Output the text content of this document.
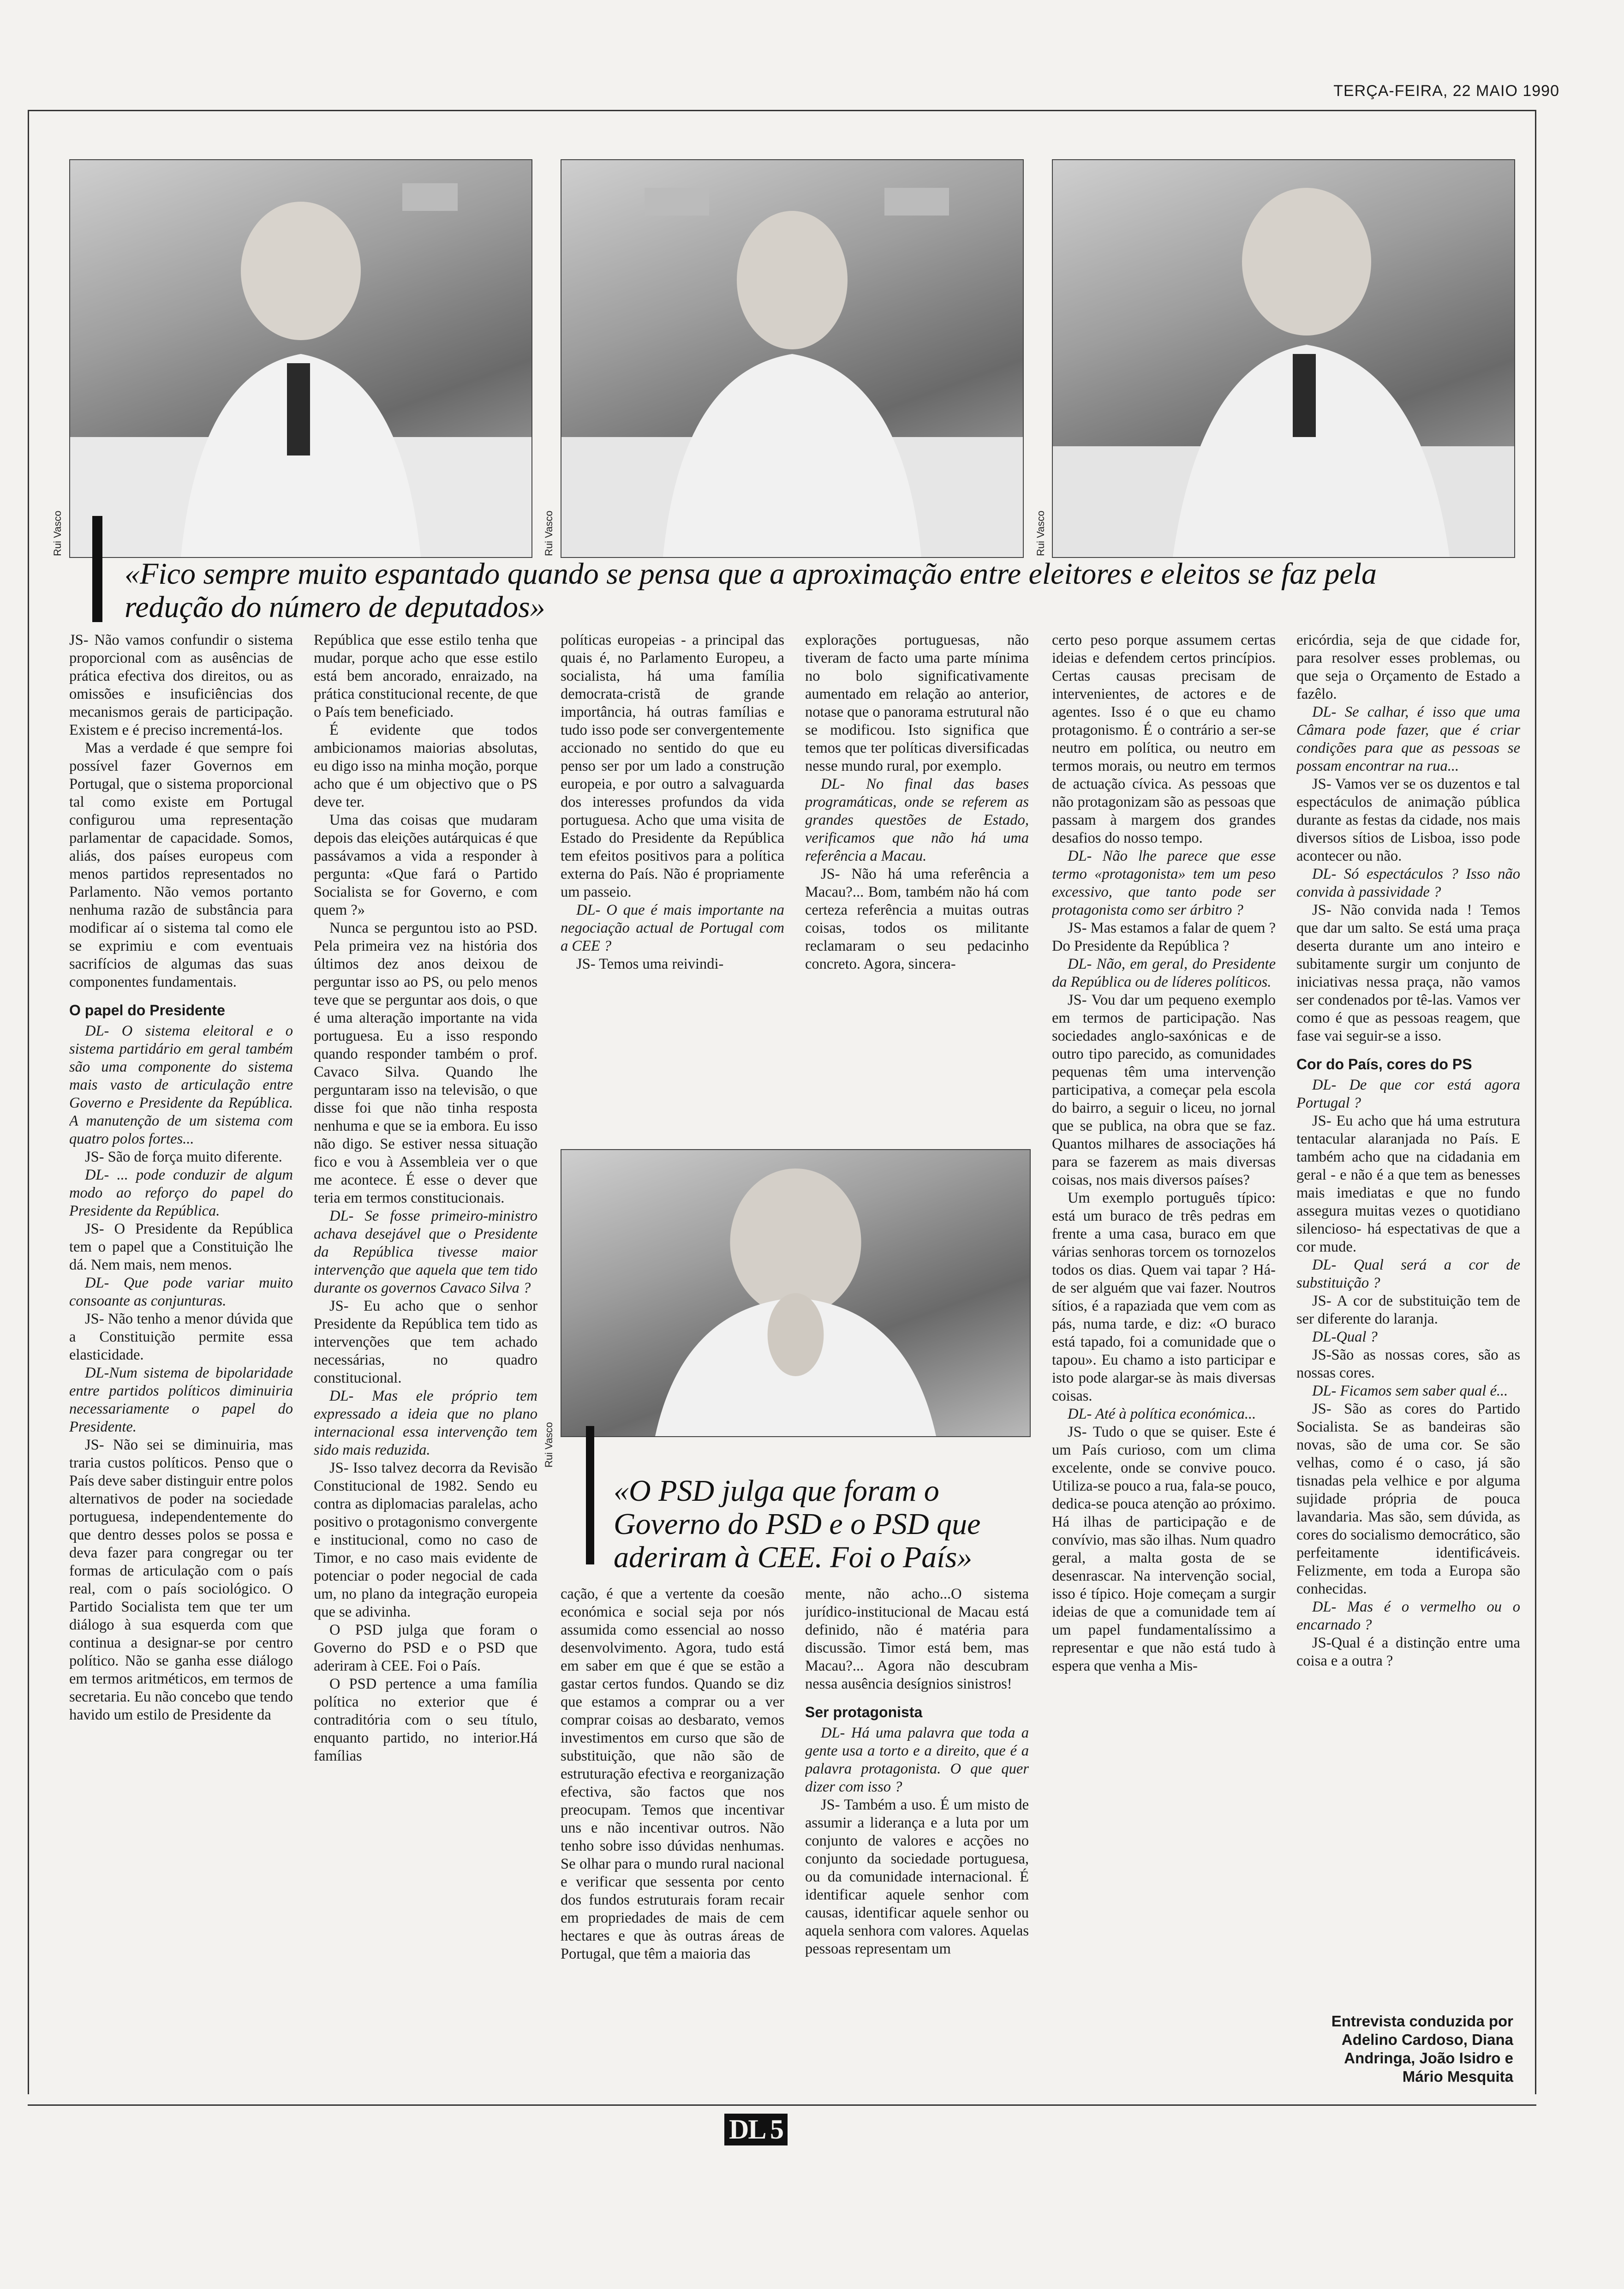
TERÇA-FEIRA, 22 MAIO 1990
Rui Vasco	Rui Vasco	Rui Vasco
«Fico sempre muito espantado quando se pensa que a aproximação entre eleitores e eleitos se faz pela redução do número de deputados»

JS- Não vamos confundir o sistema proporcional com as ausências de prática efectiva dos direitos, ou as omissões e insuficiências dos mecanismos gerais de participação. Existem e é preciso incrementá-los.

Mas a verdade é que sempre foi possível fazer Governos em Portugal, que o sistema proporcional tal como existe em Portugal configurou uma representação parlamentar de capacidade. Somos, aliás, dos países europeus com menos partidos representados no Parlamento. Não vemos portanto nenhuma razão de substância para modificar aí o sistema tal como ele se exprimiu e com eventuais sacrifícios de algumas das suas componentes fundamentais.

O papel do Presidente

DL- O sistema eleitoral e o sistema partidário em geral também são uma componente do sistema mais vasto de articulação entre Governo e Presidente da República. A manutenção de um sistema com quatro polos fortes...

JS- São de força muito diferente.

DL- ... pode conduzir de algum modo ao reforço do papel do Presidente da República.

JS- O Presidente da República tem o papel que a Constituição lhe dá. Nem mais, nem menos.

DL- Que pode variar muito consoante as conjunturas.

JS- Não tenho a menor dúvida que a Constituição permite essa elasticidade.

DL-Num sistema de bipolaridade entre partidos políticos diminuiria necessariamente o papel do Presidente.

JS- Não sei se diminuiria, mas traria custos políticos. Penso que o País deve saber distinguir entre polos alternativos de poder na sociedade portuguesa, independentemente do que dentro desses polos se possa e deva fazer para congregar ou ter formas de articulação com o país real, com o país sociológico. O Partido Socialista tem que ter um diálogo à sua esquerda com que continua a designar-se por centro político. Não se ganha esse diálogo em termos aritméticos, em termos de secretaria. Eu não concebo que tendo havido um estilo de Presidente da

República que esse estilo tenha que mudar, porque acho que esse estilo está bem ancorado, enraizado, na prática constitucional recente, de que o País tem beneficiado.

É evidente que todos ambicionamos maiorias absolutas, eu digo isso na minha moção, porque acho que é um objectivo que o PS deve ter.

Uma das coisas que mudaram depois das eleições autárquicas é que passávamos a vida a responder à pergunta: «Que fará o Partido Socialista se for Governo, e com quem ?»

Nunca se perguntou isto ao PSD. Pela primeira vez na história dos últimos dez anos deixou de perguntar isso ao PS, ou pelo menos teve que se perguntar aos dois, o que é uma alteração importante na vida portuguesa. Eu a isso respondo quando responder também o prof. Cavaco Silva. Quando lhe perguntaram isso na televisão, o que disse foi que não tinha resposta nenhuma e que se ia embora. Eu isso não digo. Se estiver nessa situação fico e vou à Assembleia ver o que me acontece. É esse o dever que teria em termos constitucionais.

DL- Se fosse primeiro-ministro achava desejável que o Presidente da República tivesse maior intervenção que aquela que tem tido durante os governos Cavaco Silva ?

JS- Eu acho que o senhor Presidente da República tem tido as intervenções que tem achado necessárias, no quadro constitucional.

DL- Mas ele próprio tem expressado a ideia que no plano internacional essa intervenção tem sido mais reduzida.

JS- Isso talvez decorra da Revisão Constitucional de 1982. Sendo eu contra as diplomacias paralelas, acho positivo o protagonismo convergente e institucional, como no caso de Timor, e no caso mais evidente de potenciar o poder negocial de cada um, no plano da integração europeia que se adivinha.

O PSD julga que foram o Governo do PSD e o PSD que aderiram à CEE. Foi o País.

O PSD pertence a uma família política no exterior que é contraditória com o seu título, enquanto partido, no interior.Há famílias

políticas europeias - a principal das quais é, no Parlamento Europeu, a socialista, há uma família democrata-cristã de grande importância, há outras famílias e tudo isso pode ser convergentemente accionado no sentido do que eu penso ser por um lado a construção europeia, e por outro a salvaguarda dos interesses profundos da vida portuguesa. Acho que uma visita de Estado do Presidente da República tem efeitos positivos para a política externa do País. Não é propriamente um passeio.

DL- O que é mais importante na negociação actual de Portugal com a CEE ?

JS- Temos uma reivindi-

explorações portuguesas, não tiveram de facto uma parte mínima no bolo significativamente aumentado em relação ao anterior, notase que o panorama estrutural não se modificou. Isto significa que temos que ter políticas diversificadas nesse mundo rural, por exemplo.

DL- No final das bases programáticas, onde se referem as grandes questões de Estado, verificamos que não há uma referência a Macau.

JS- Não há uma referência a Macau?... Bom, também não há com certeza referência a muitas outras coisas, todos os militante reclamaram o seu pedacinho concreto. Agora, sincera-

Rui Vasco
«O PSD julga que foram o Governo do PSD e o PSD que aderiram à CEE. Foi o País»

cação, é que a vertente da coesão económica e social seja por nós assumida como essencial ao nosso desenvolvimento. Agora, tudo está em saber em que é que se estão a gastar certos fundos. Quando se diz que estamos a comprar ou a ver comprar coisas ao desbarato, vemos investimentos em curso que são de substituição, que não são de estruturação efectiva e reorganização efectiva, são factos que nos preocupam. Temos que incentivar uns e não incentivar outros. Não tenho sobre isso dúvidas nenhumas. Se olhar para o mundo rural nacional e verificar que sessenta por cento dos fundos estruturais foram recair em propriedades de mais de cem hectares e que às outras áreas de Portugal, que têm a maioria das

mente, não acho...O sistema jurídico-institucional de Macau está definido, não é matéria para discussão. Timor está bem, mas Macau?... Agora não descubram nessa ausência desígnios sinistros!

Ser protagonista

DL- Há uma palavra que toda a gente usa a torto e a direito, que é a palavra protagonista. O que quer dizer com isso ?

JS- Também a uso. É um misto de assumir a liderança e a luta por um conjunto de valores e acções no conjunto da sociedade portuguesa, ou da comunidade internacional. É identificar aquele senhor com causas, identificar aquele senhor ou aquela senhora com valores. Aquelas pessoas representam um

certo peso porque assumem certas ideias e defendem certos princípios. Certas causas precisam de intervenientes, de actores e de agentes. Isso é o que eu chamo protagonismo. É o contrário a ser-se neutro em política, ou neutro em termos morais, ou neutro em termos de actuação cívica. As pessoas que não protagonizam são as pessoas que passam à margem dos grandes desafios do nosso tempo.

DL- Não lhe parece que esse termo «protagonista» tem um peso excessivo, que tanto pode ser protagonista como ser árbitro ?

JS- Mas estamos a falar de quem ? Do Presidente da República ?

DL- Não, em geral, do Presidente da República ou de líderes políticos.

JS- Vou dar um pequeno exemplo em termos de participação. Nas sociedades anglo-saxónicas e de outro tipo parecido, as comunidades pequenas têm uma intervenção participativa, a começar pela escola do bairro, a seguir o liceu, no jornal que se publica, na obra que se faz. Quantos milhares de associações há para se fazerem as mais diversas coisas, nos mais diversos países?

Um exemplo português típico: está um buraco de três pedras em frente a uma casa, buraco em que várias senhoras torcem os tornozelos todos os dias. Quem vai tapar ? Há-de ser alguém que vai fazer. Noutros sítios, é a rapaziada que vem com as pás, numa tarde, e diz: «O buraco está tapado, foi a comunidade que o tapou». Eu chamo a isto participar e isto pode alargar-se às mais diversas coisas.

DL- Até à política económica...

JS- Tudo o que se quiser. Este é um País curioso, com um clima excelente, onde se convive pouco. Utiliza-se pouco a rua, fala-se pouco, dedica-se pouca atenção ao próximo. Há ilhas de participação e de convívio, mas são ilhas. Num quadro geral, a malta gosta de se desenrascar. Na intervenção social, isso é típico. Hoje começam a surgir ideias de que a comunidade tem aí um papel fundamentalíssimo a representar e que não está tudo à espera que venha a Mis-

ericórdia, seja de que cidade for, para resolver esses problemas, ou que seja o Orçamento de Estado a fazêlo.

DL- Se calhar, é isso que uma Câmara pode fazer, que é criar condições para que as pessoas se possam encontrar na rua...

JS- Vamos ver se os duzentos e tal espectáculos de animação pública durante as festas da cidade, nos mais diversos sítios de Lisboa, isso pode acontecer ou não.

DL- Só espectáculos ? Isso não convida à passividade ?

JS- Não convida nada ! Temos que dar um salto. Se está uma praça deserta durante um ano inteiro e subitamente surgir um conjunto de iniciativas nessa praça, não vamos ser condenados por tê-las. Vamos ver como é que as pessoas reagem, que fase vai seguir-se a isso.

Cor do País, cores do PS

DL- De que cor está agora Portugal ?

JS- Eu acho que há uma estrutura tentacular alaranjada no País. E também acho que na cidadania em geral - e não é a que tem as benesses mais imediatas e que no fundo assegura muitas vezes o quotidiano silencioso- há espectativas de que a cor mude.

DL- Qual será a cor de substituição ?

JS- A cor de substituição tem de ser diferente do laranja.

DL-Qual ?

JS-São as nossas cores, são as nossas cores.

DL- Ficamos sem saber qual é...

JS- São as cores do Partido Socialista. Se as bandeiras são novas, são de uma cor. Se são velhas, como é o caso, já são tisnadas pela velhice e por alguma sujidade própria de pouca lavandaria. Mas são, sem dúvida, as cores do socialismo democrático, são perfeitamente identificáveis. Felizmente, em toda a Europa são conhecidas.

DL- Mas é o vermelho ou o encarnado ?

JS-Qual é a distinção entre uma coisa e a outra ?

Entrevista conduzida por Adelino Cardoso, Diana Andringa, João Isidro e Mário Mesquita
DL 5
